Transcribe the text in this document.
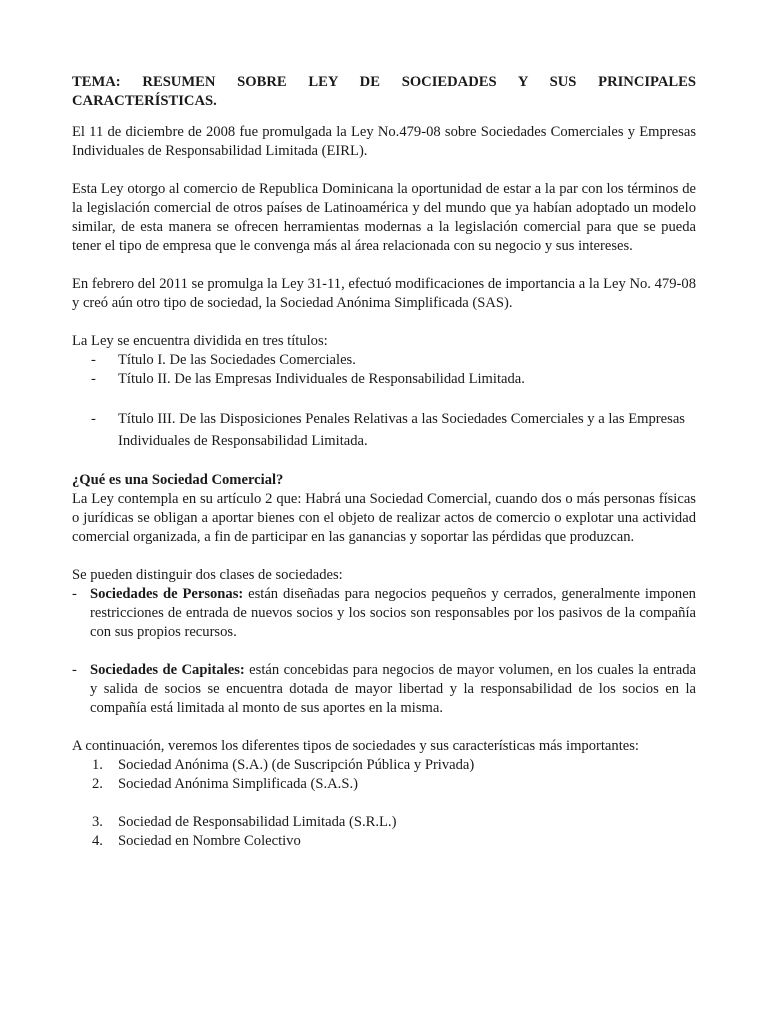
TEMA: RESUMEN SOBRE LEY DE SOCIEDADES Y SUS PRINCIPALES CARACTERÍSTICAS.

El 11 de diciembre de 2008 fue promulgada la Ley No.479-08 sobre Sociedades Comerciales y Empresas Individuales de Responsabilidad Limitada (EIRL).

Esta Ley otorgo al comercio de Republica Dominicana la oportunidad de estar a la par con los términos de la legislación comercial de otros países de Latinoamérica y del mundo que ya habían adoptado un modelo similar, de esta manera se ofrecen herramientas modernas a la legislación comercial para que se pueda tener el tipo de empresa que le convenga más al área relacionada con su negocio y sus intereses.

En febrero del 2011 se promulga la Ley 31-11, efectuó modificaciones de importancia a la Ley No. 479-08 y creó aún otro tipo de sociedad, la Sociedad Anónima Simplificada (SAS).

La Ley se encuentra dividida en tres títulos:

- Título I. De las Sociedades Comerciales.
- Título II. De las Empresas Individuales de Responsabilidad Limitada.
- Título III. De las Disposiciones Penales Relativas a las Sociedades Comerciales y a las Empresas Individuales de Responsabilidad Limitada.

¿Qué es una Sociedad Comercial?

La Ley contempla en su artículo 2 que: Habrá una Sociedad Comercial, cuando dos o más personas físicas o jurídicas se obligan a aportar bienes con el objeto de realizar actos de comercio o explotar una actividad comercial organizada, a fin de participar en las ganancias y soportar las pérdidas que produzcan.

Se pueden distinguir dos clases de sociedades:

- Sociedades de Personas: están diseñadas para negocios pequeños y cerrados, generalmente imponen restricciones de entrada de nuevos socios y los socios son responsables por los pasivos de la compañía con sus propios recursos.

- Sociedades de Capitales: están concebidas para negocios de mayor volumen, en los cuales la entrada y salida de socios se encuentra dotada de mayor libertad y la responsabilidad de los socios en la compañía está limitada al monto de sus aportes en la misma.

A continuación, veremos los diferentes tipos de sociedades y sus características más importantes:

1. Sociedad Anónima (S.A.) (de Suscripción Pública y Privada)
2. Sociedad Anónima Simplificada (S.A.S.)
3. Sociedad de Responsabilidad Limitada (S.R.L.)
4. Sociedad en Nombre Colectivo
